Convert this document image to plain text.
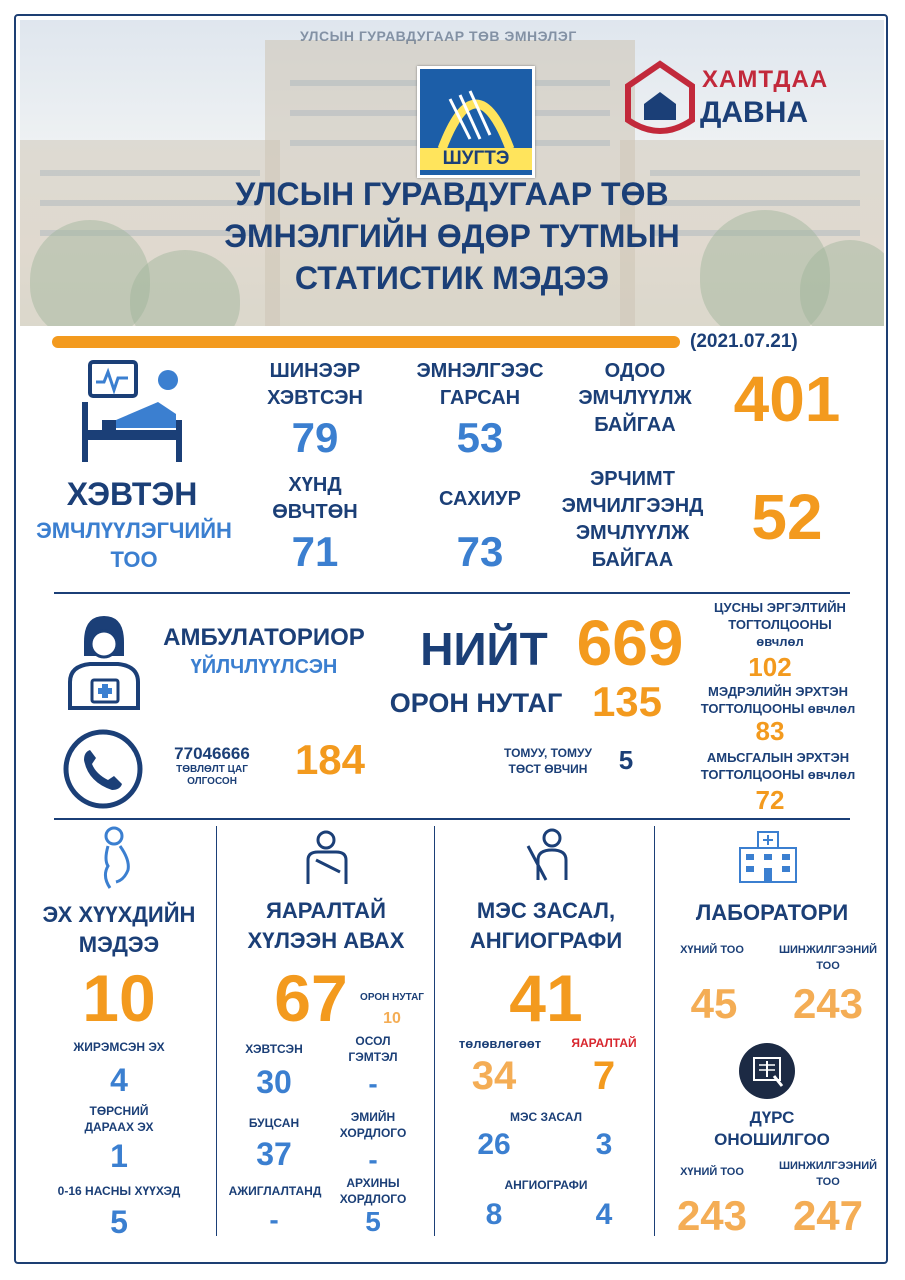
УЛСЫН ГУРАВДУГААР ТӨВ ЭМНЭЛЭГ
ШУГТЭ
ХАМТДАА
ДАВНА
УЛСЫН ГУРАВДУГААР ТӨВ
ЭМНЭЛГИЙН ӨДӨР ТУТМЫН
СТАТИСТИК МЭДЭЭ
(2021.07.21)
ХЭВТЭН
ЭМЧЛҮҮЛЭГЧИЙН
ТОО
ШИНЭЭР
ХЭВТСЭН
79
ЭМНЭЛГЭЭС
ГАРСАН
53
ОДОО
ЭМЧЛҮҮЛЖ
БАЙГАА 401
ХҮНД
ӨВЧТӨН
71
САХИУР
73
ЭРЧИМТ
ЭМЧИЛГЭЭНД
ЭМЧЛҮҮЛЖ
БАЙГАА
52
АМБУЛАТОРИОР
ҮЙЛЧЛҮҮЛСЭН	НИЙТ 669
ОРОН НУТАГ 135
ЦУСНЫ ЭРГЭЛТИЙН
ТОГТОЛЦООНЫ
өвчлөл
102
МЭДРЭЛИЙН ЭРХТЭН
ТОГТОЛЦООНЫ өвчлөл
83
АМЬСГАЛЫН ЭРХТЭН
ТОГТОЛЦООНЫ өвчлөл
72
77046666
ТӨВЛӨЛТ ЦАГ
ОЛГОСОН	184	ТОМУУ, ТОМУУ
ТӨСТ ӨВЧИН	5
ЭХ ХҮҮХДИЙН
МЭДЭЭ
10
ЖИРЭМСЭН ЭХ
4
ТӨРСНИЙ
ДАРААХ ЭХ
1
0-16 НАСНЫ ХҮҮХЭД
5
ЯАРАЛТАЙ
ХҮЛЭЭН АВАХ
67	ОРОН НУТАГ
10
ХЭВТСЭН
30
ОСОЛ
ГЭМТЭЛ
-
БУЦСАН
37
ЭМИЙН
ХОРДЛОГО
-
АЖИГЛАЛТАНД
-
АРХИНЫ
ХОРДЛОГО
5
МЭС ЗАСАЛ,
АНГИОГРАФИ
41
төлөвлөгөөт	ЯАРАЛТАЙ
34	7
МЭС ЗАСАЛ
26	3
АНГИОГРАФИ
8	4
ЛАБОРАТОРИ
ХҮНИЙ ТОО	ШИНЖИЛГЭЭНИЙ
ТОО
45	243
ДҮРС
ОНОШИЛГОО
ХҮНИЙ ТОО	ШИНЖИЛГЭЭНИЙ
ТОО
243	247
